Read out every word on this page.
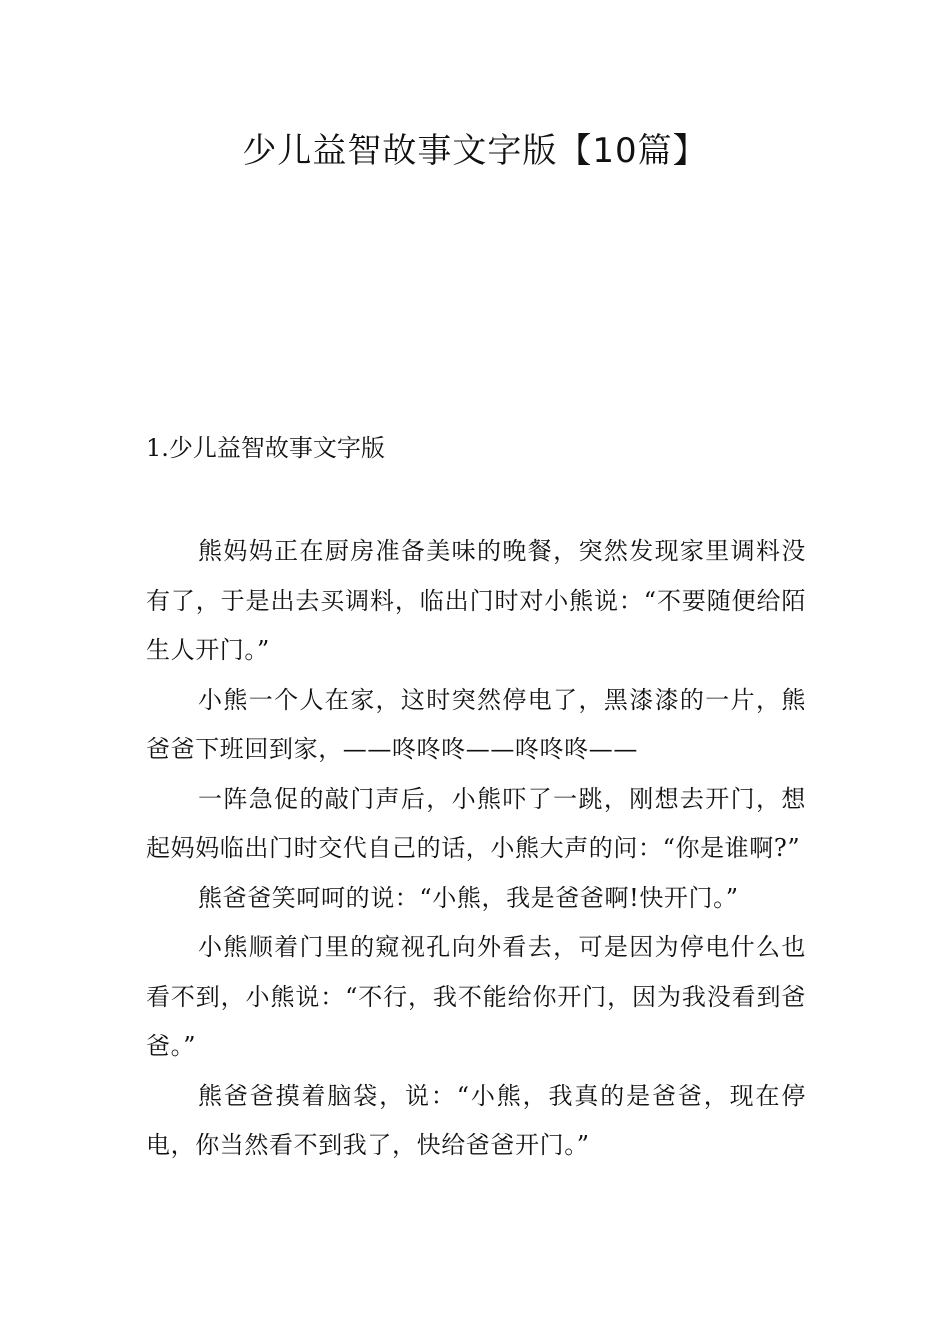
少儿益智故事文字版【10篇】
1.少儿益智故事文字版

熊妈妈正在厨房准备美味的晚餐，突然发现家里调料没有了，于是出去买调料，临出门时对小熊说：“不要随便给陌生人开门。”

小熊一个人在家，这时突然停电了，黑漆漆的一片，熊爸爸下班回到家，——咚咚咚——咚咚咚——

一阵急促的敲门声后，小熊吓了一跳，刚想去开门，想起妈妈临出门时交代自己的话，小熊大声的问：“你是谁啊?”

熊爸爸笑呵呵的说：“小熊，我是爸爸啊!快开门。”

小熊顺着门里的窥视孔向外看去，可是因为停电什么也看不到，小熊说：“不行，我不能给你开门，因为我没看到爸爸。”

熊爸爸摸着脑袋，说：“小熊，我真的是爸爸，现在停电，你当然看不到我了，快给爸爸开门。”
